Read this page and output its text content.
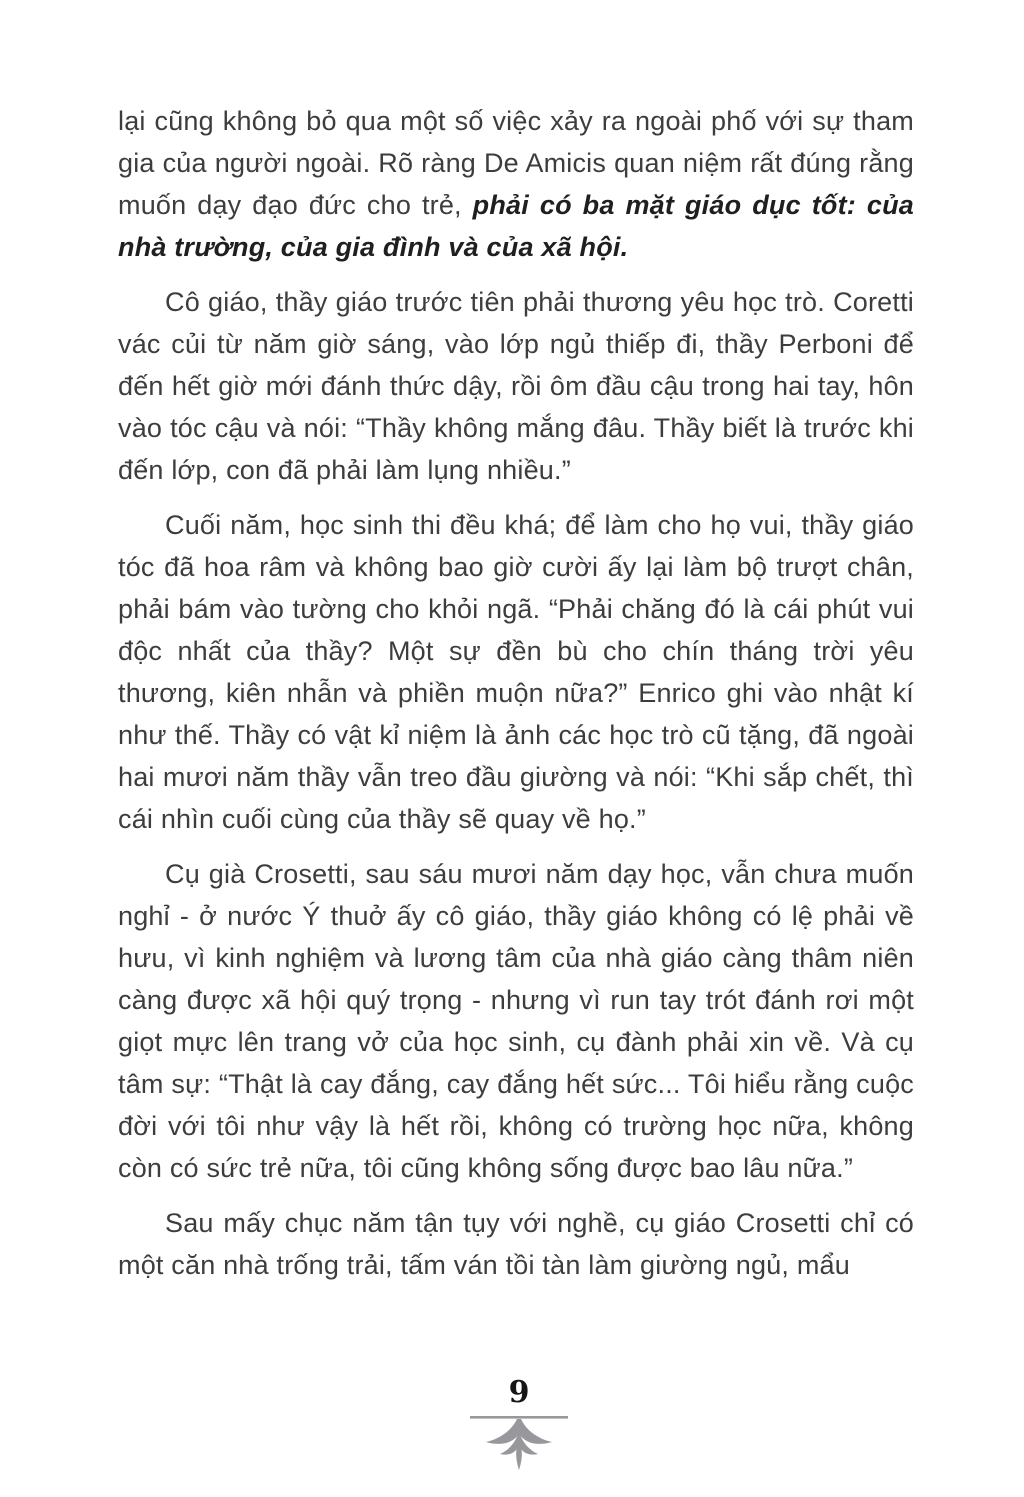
lại cũng không bỏ qua một số việc xảy ra ngoài phố với sự tham gia của người ngoài. Rõ ràng De Amicis quan niệm rất đúng rằng muốn dạy đạo đức cho trẻ, phải có ba mặt giáo dục tốt: của nhà trường, của gia đình và của xã hội.

Cô giáo, thầy giáo trước tiên phải thương yêu học trò. Coretti vác củi từ năm giờ sáng, vào lớp ngủ thiếp đi, thầy Perboni để đến hết giờ mới đánh thức dậy, rồi ôm đầu cậu trong hai tay, hôn vào tóc cậu và nói: “Thầy không mắng đâu. Thầy biết là trước khi đến lớp, con đã phải làm lụng nhiều.”

Cuối năm, học sinh thi đều khá; để làm cho họ vui, thầy giáo tóc đã hoa râm và không bao giờ cười ấy lại làm bộ trượt chân, phải bám vào tường cho khỏi ngã. “Phải chăng đó là cái phút vui độc nhất của thầy? Một sự đền bù cho chín tháng trời yêu thương, kiên nhẫn và phiền muộn nữa?” Enrico ghi vào nhật kí như thế. Thầy có vật kỉ niệm là ảnh các học trò cũ tặng, đã ngoài hai mươi năm thầy vẫn treo đầu giường và nói: “Khi sắp chết, thì cái nhìn cuối cùng của thầy sẽ quay về họ.”

Cụ già Crosetti, sau sáu mươi năm dạy học, vẫn chưa muốn nghỉ - ở nước Ý thuở ấy cô giáo, thầy giáo không có lệ phải về hưu, vì kinh nghiệm và lương tâm của nhà giáo càng thâm niên càng được xã hội quý trọng - nhưng vì run tay trót đánh rơi một giọt mực lên trang vở của học sinh, cụ đành phải xin về. Và cụ tâm sự: “Thật là cay đắng, cay đắng hết sức... Tôi hiểu rằng cuộc đời với tôi như vậy là hết rồi, không có trường học nữa, không còn có sức trẻ nữa, tôi cũng không sống được bao lâu nữa.”

Sau mấy chục năm tận tụy với nghề, cụ giáo Crosetti chỉ có một căn nhà trống trải, tấm ván tồi tàn làm giường ngủ, mẩu

9
